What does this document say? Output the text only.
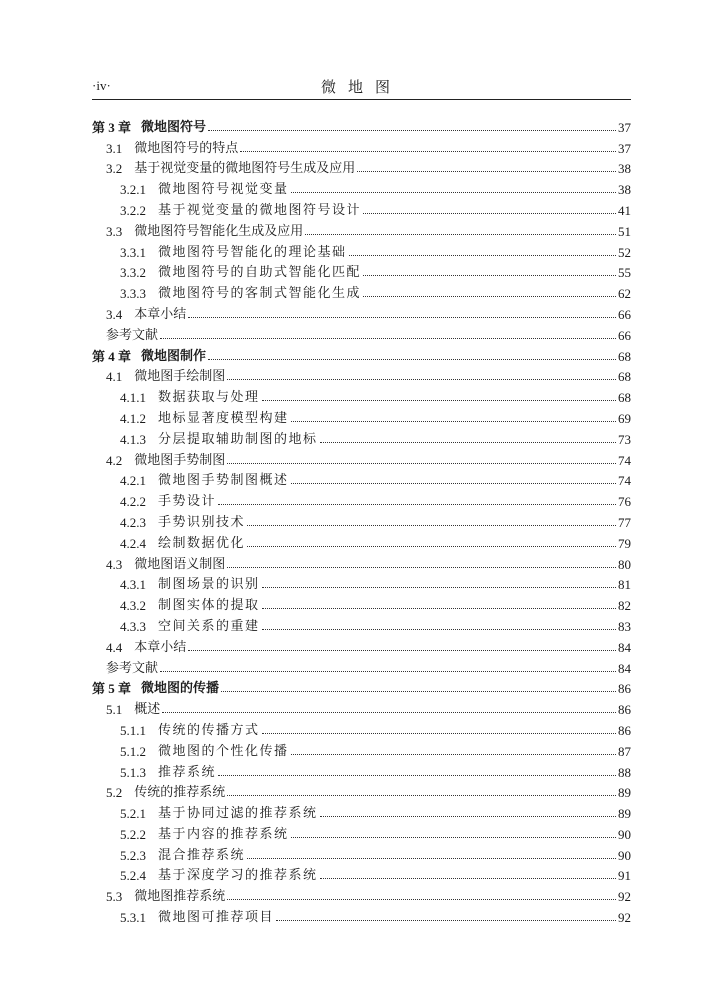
·iv·	微地图
第 3 章 微地图符号	37
3.1 微地图符号的特点	37
3.2 基于视觉变量的微地图符号生成及应用	38
3.2.1 微地图符号视觉变量	38
3.2.2 基于视觉变量的微地图符号设计	41
3.3 微地图符号智能化生成及应用	51
3.3.1 微地图符号智能化的理论基础	52
3.3.2 微地图符号的自助式智能化匹配	55
3.3.3 微地图符号的客制式智能化生成	62
3.4 本章小结	66
参考文献	66
第 4 章 微地图制作	68
4.1 微地图手绘制图	68
4.1.1 数据获取与处理	68
4.1.2 地标显著度模型构建	69
4.1.3 分层提取辅助制图的地标	73
4.2 微地图手势制图	74
4.2.1 微地图手势制图概述	74
4.2.2 手势设计	76
4.2.3 手势识别技术	77
4.2.4 绘制数据优化	79
4.3 微地图语义制图	80
4.3.1 制图场景的识别	81
4.3.2 制图实体的提取	82
4.3.3 空间关系的重建	83
4.4 本章小结	84
参考文献	84
第 5 章 微地图的传播	86
5.1 概述	86
5.1.1 传统的传播方式	86
5.1.2 微地图的个性化传播	87
5.1.3 推荐系统	88
5.2 传统的推荐系统	89
5.2.1 基于协同过滤的推荐系统	89
5.2.2 基于内容的推荐系统	90
5.2.3 混合推荐系统	90
5.2.4 基于深度学习的推荐系统	91
5.3 微地图推荐系统	92
5.3.1 微地图可推荐项目	92
